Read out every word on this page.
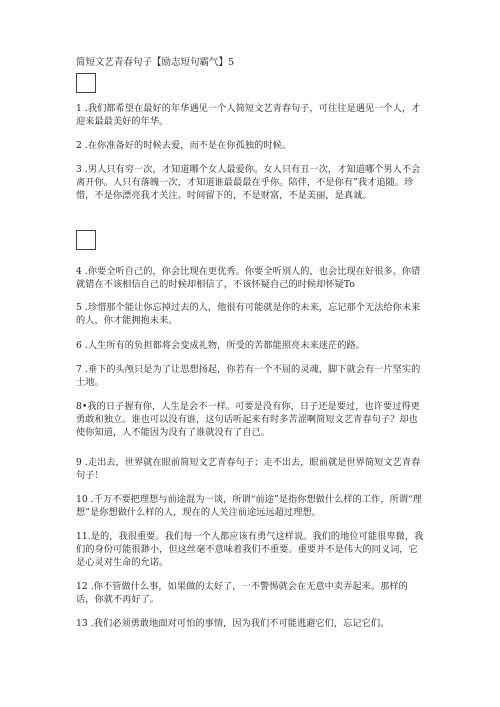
简短文艺青春句子【励志短句霸气】5
1 .我们都希望在最好的年华遇见一个人简短文艺青春句子，可往往是遇见一个人，才迎来最最美好的年华。
2 .在你准备好的时候去爱，而不是在你孤独的时候。
3 .男人只有穷一次，才知道哪个女人最爱你。女人只有丑一次，才知道哪个男人不会离开你。人只有落魄一次，才知道谁最最最在乎你。陪伴，不是你有”我才追随。珍惜，不是你漂亮我才关注。时间留下的，不是财富，不是美丽，是真诚。
4 .你要全听自己的，你会比现在更优秀。你要全听别人的，也会比现在好很多。你错就错在不该相信自己的时候却相信了，不该怀疑自己的时候却怀疑To
5 .珍惜那个能让你忘掉过去的人，他很有可能就是你的未来，忘记那个无法给你未来的人，你才能拥抱未来。
6 .人生所有的负担都将会变成礼物，所受的苦都能照亮未来迷茫的路。
7 .垂下的头颅只是为了让思想扬起，你若有一个不屈的灵魂，脚下就会有一片坚实的土地。
8•我的日子握有你，人生是会不一样。可要是没有你，日子还是要过，也许要过得更勇敢和独立。谁也可以没有谁，这句话听起来有时多苦涩啊简短文艺青春句子？却也使你知道，人不能因为没有了谁就没有了自己。
9 .走出去，世界就在眼前简短文艺青春句子；走不出去，眼前就是世界简短文艺青春句子！
10 .千万不要把理想与前途混为一谈，所谓“前途”是指你想做什么样的工作，所谓“理想”是你想做什么样的人，现在的人关注前途远远超过理想。
11.是的，我很重要。我们每一个人都应该有勇气这样说。我们的地位可能很卑微，我们的身份可能很渺小，但这丝毫不意味着我们不重要。重要并不是伟大的同义词，它是心灵对生命的允诺。
12 .你不管做什么事，如果做的太好了，一不警惕就会在无意中卖弄起来。那样的话，你就不再好了。
13 .我们必须勇敢地面对可怕的事情，因为我们不可能逃避它们，忘记它们。
